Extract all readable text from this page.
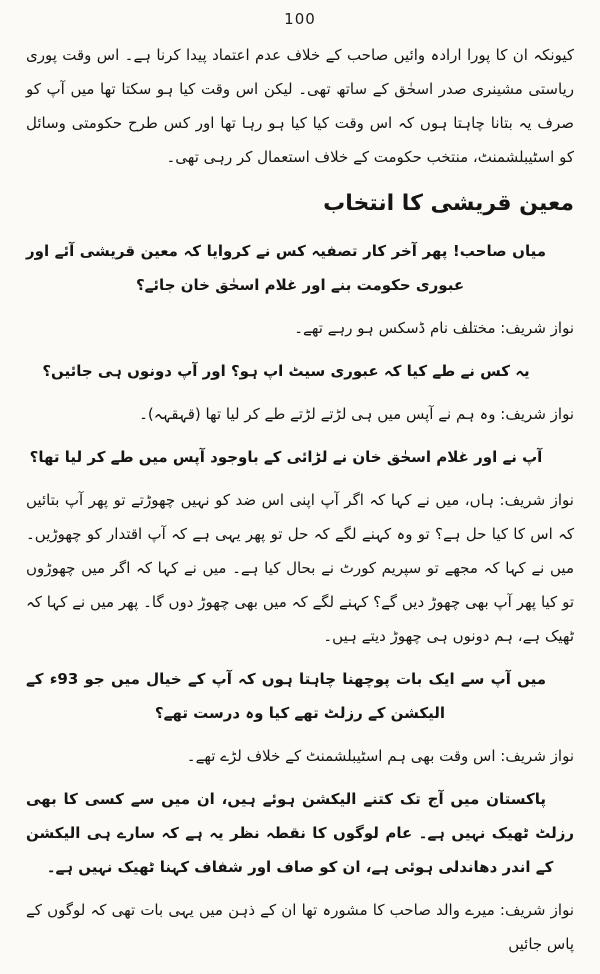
100

کیونکہ ان کا پورا ارادہ وائیں صاحب کے خلاف عدم اعتماد پیدا کرنا ہے۔ اس وقت پوری ریاستی مشینری صدر اسحٰق کے ساتھ تھی۔ لیکن اس وقت کیا ہو سکتا تھا میں آپ کو صرف یہ بتانا چاہتا ہوں کہ اس وقت کیا کیا ہو رہا تھا اور کس طرح حکومتی وسائل کو اسٹیبلشمنٹ، منتخب حکومت کے خلاف استعمال کر رہی تھی۔

معین قریشی کا انتخاب

میاں صاحب! پھر آخر کار تصفیہ کس نے کروایا کہ معین قریشی آئے اور عبوری حکومت بنے اور غلام اسحٰق خان جائے؟

نواز شریف: مختلف نام ڈسکس ہو رہے تھے۔

یہ کس نے طے کیا کہ عبوری سیٹ اپ ہو؟ اور آپ دونوں ہی جائیں؟

نواز شریف: وہ ہم نے آپس میں ہی لڑتے لڑتے طے کر لیا تھا (قہقہہ)۔

آپ نے اور غلام اسحٰق خان نے لڑائی کے باوجود آپس میں طے کر لیا تھا؟

نواز شریف: ہاں، میں نے کہا کہ اگر آپ اپنی اس ضد کو نہیں چھوڑتے تو پھر آپ بتائیں کہ اس کا کیا حل ہے؟ تو وہ کہنے لگے کہ حل تو پھر یہی ہے کہ آپ اقتدار کو چھوڑیں۔ میں نے کہا کہ مجھے تو سپریم کورٹ نے بحال کیا ہے۔ میں نے کہا کہ اگر میں چھوڑوں تو کیا پھر آپ بھی چھوڑ دیں گے؟ کہنے لگے کہ میں بھی چھوڑ دوں گا۔ پھر میں نے کہا کہ ٹھیک ہے، ہم دونوں ہی چھوڑ دیتے ہیں۔

میں آپ سے ایک بات پوچھنا چاہتا ہوں کہ آپ کے خیال میں جو 93ء کے الیکشن کے رزلٹ تھے کیا وہ درست تھے؟

نواز شریف: اس وقت بھی ہم اسٹیبلشمنٹ کے خلاف لڑے تھے۔

پاکستان میں آج تک کتنے الیکشن ہوئے ہیں، ان میں سے کسی کا بھی رزلٹ ٹھیک نہیں ہے۔ عام لوگوں کا نقطہ نظر یہ ہے کہ سارے ہی الیکشن کے اندر دھاندلی ہوئی ہے، ان کو صاف اور شفاف کہنا ٹھیک نہیں ہے۔

نواز شریف: میرے والد صاحب کا مشورہ تھا ان کے ذہن میں یہی بات تھی کہ لوگوں کے پاس جائیں
